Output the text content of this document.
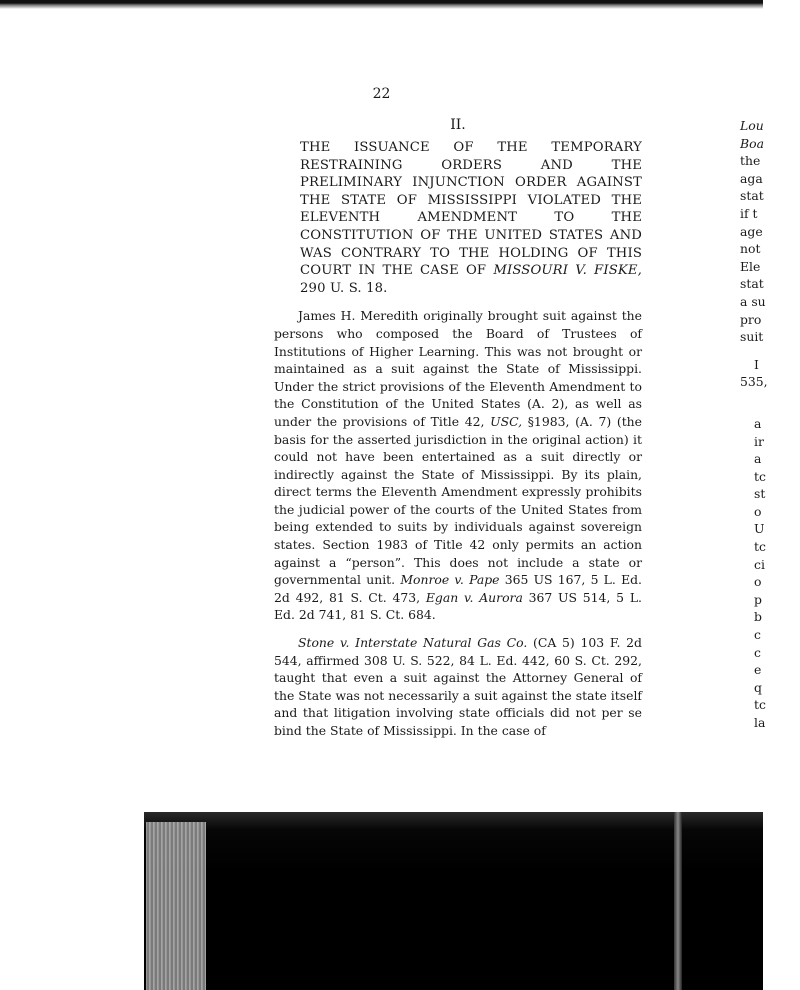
22
II.

THE ISSUANCE OF THE TEMPORARY RESTRAINING ORDERS AND THE PRELIMINARY INJUNCTION ORDER AGAINST THE STATE OF MISSISSIPPI VIOLATED THE ELEVENTH AMENDMENT TO THE CONSTITUTION OF THE UNITED STATES AND WAS CONTRARY TO THE HOLDING OF THIS COURT IN THE CASE OF MISSOURI V. FISKE, 290 U. S. 18.

James H. Meredith originally brought suit against the persons who composed the Board of Trustees of Institutions of Higher Learning. This was not brought or maintained as a suit against the State of Mississippi. Under the strict provisions of the Eleventh Amendment to the Constitution of the United States (A. 2), as well as under the provisions of Title 42, USC, §1983, (A. 7) (the basis for the asserted jurisdiction in the original action) it could not have been entertained as a suit directly or indirectly against the State of Mississippi. By its plain, direct terms the Eleventh Amendment expressly prohibits the judicial power of the courts of the United States from being extended to suits by individuals against sovereign states. Section 1983 of Title 42 only permits an action against a “person”. This does not include a state or governmental unit. Monroe v. Pape 365 US 167, 5 L. Ed. 2d 492, 81 S. Ct. 473, Egan v. Aurora 367 US 514, 5 L. Ed. 2d 741, 81 S. Ct. 684.

Stone v. Interstate Natural Gas Co. (CA 5) 103 F. 2d 544, affirmed 308 U. S. 522, 84 L. Ed. 442, 60 S. Ct. 292, taught that even a suit against the Attorney General of the State was not necessarily a suit against the state itself and that litigation involving state officials did not per se bind the State of Mississippi. In the case of

Lou
Boa
the
aga
stat
if t
age
not
Ele
stat
a su
pro
suit
I
535,
a
ir
a
tc
st
o
U
tc
ci
o
p
b
c
c
e
q
tc
la
